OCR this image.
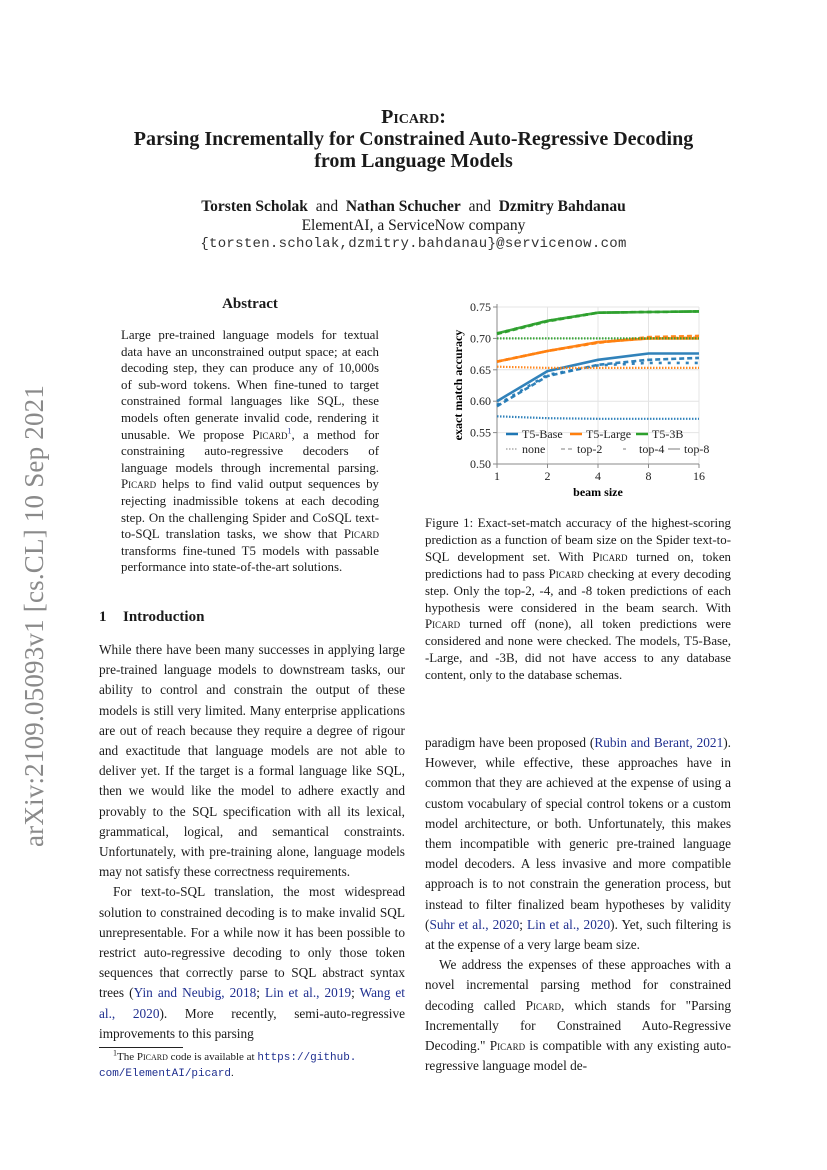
arXiv:2109.05093v1 [cs.CL] 10 Sep 2021
Picard:
Parsing Incrementally for Constrained Auto-Regressive Decoding
from Language Models
Torsten Scholak and Nathan Schucher and Dzmitry Bahdanau
ElementAI, a ServiceNow company
{torsten.scholak,dzmitry.bahdanau}@servicenow.com
Abstract
Large pre-trained language models for textual data have an unconstrained output space; at each decoding step, they can produce any of 10,000s of sub-word tokens. When fine-tuned to target constrained formal languages like SQL, these models often generate invalid code, rendering it unusable. We propose Picard$^1$, a method for constraining auto-regressive decoders of language models through incremental parsing. Picard helps to find valid output sequences by rejecting inadmissible tokens at each decoding step. On the challenging Spider and CoSQL text-to-SQL translation tasks, we show that Picard transforms fine-tuned T5 models with passable performance into state-of-the-art solutions.
1 Introduction

While there have been many successes in applying large pre-trained language models to downstream tasks, our ability to control and constrain the output of these models is still very limited. Many enterprise applications are out of reach because they require a degree of rigour and exactitude that language models are not able to deliver yet. If the target is a formal language like SQL, then we would like the model to adhere exactly and provably to the SQL specification with all its lexical, grammatical, logical, and semantical constraints. Unfortunately, with pre-training alone, language models may not satisfy these correctness requirements.

For text-to-SQL translation, the most widespread solution to constrained decoding is to make invalid SQL unrepresentable. For a while now it has been possible to restrict auto-regressive decoding to only those token sequences that correctly parse to SQL abstract syntax trees (Yin and Neubig, 2018; Lin et al., 2019; Wang et al., 2020). More recently, semi-auto-regressive improvements to this parsing

$^1$The Picard code is available at https://github.
com/ElementAI/picard.
0.50
0.55
0.60
0.65
0.70
0.75
1	2	4	8	16
T5-Base T5-Large T5-3B
none	top-2	top-4 top-8
beam size
exact match accuracy
Figure 1: Exact-set-match accuracy of the highest-scoring prediction as a function of beam size on the Spider text-to-SQL development set. With Picard turned on, token predictions had to pass Picard checking at every decoding step. Only the top-2, -4, and -8 token predictions of each hypothesis were considered in the beam search. With Picard turned off (none), all token predictions were considered and none were checked. The models, T5-Base, -Large, and -3B, did not have access to any database content, only to the database schemas.

paradigm have been proposed (Rubin and Berant, 2021). However, while effective, these approaches have in common that they are achieved at the expense of using a custom vocabulary of special control tokens or a custom model architecture, or both. Unfortunately, this makes them incompatible with generic pre-trained language model decoders. A less invasive and more compatible approach is to not constrain the generation process, but instead to filter finalized beam hypotheses by validity (Suhr et al., 2020; Lin et al., 2020). Yet, such filtering is at the expense of a very large beam size.

We address the expenses of these approaches with a novel incremental parsing method for constrained decoding called Picard, which stands for "Parsing Incrementally for Constrained Auto-Regressive Decoding." Picard is compatible with any existing auto-regressive language model de-
